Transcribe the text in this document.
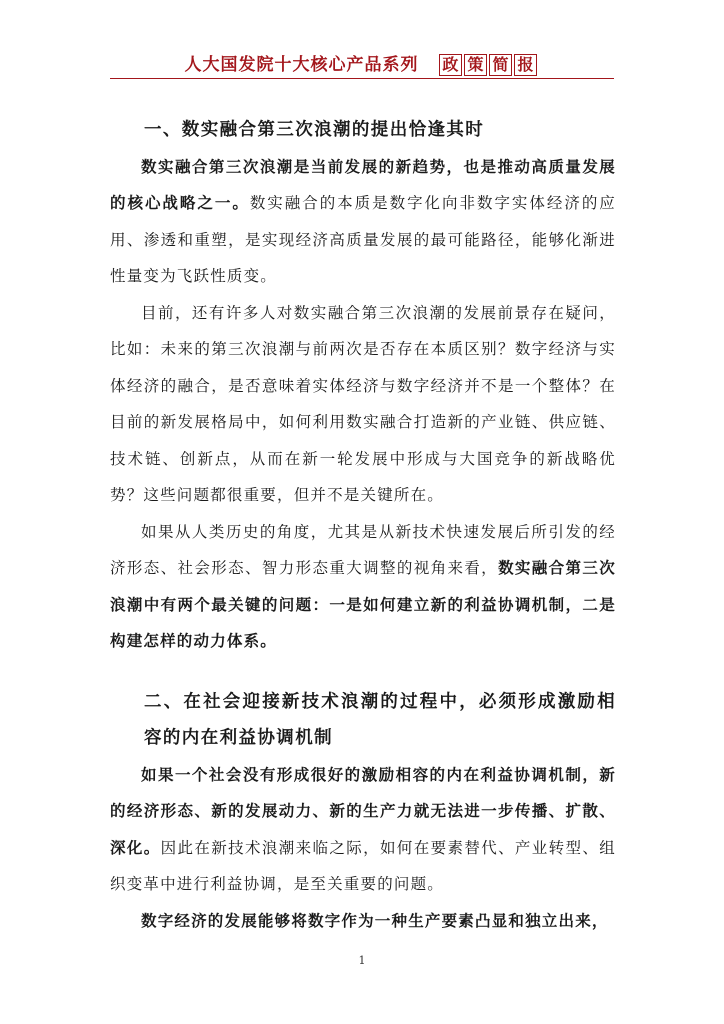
人大国发院十大核心产品系列 政 策 简 报

一、数实融合第三次浪潮的提出恰逢其时

数实融合第三次浪潮是当前发展的新趋势，也是推动高质量发展的核心战略之一。数实融合的本质是数字化向非数字实体经济的应用、渗透和重塑，是实现经济高质量发展的最可能路径，能够化渐进性量变为飞跃性质变。

目前，还有许多人对数实融合第三次浪潮的发展前景存在疑问，比如：未来的第三次浪潮与前两次是否存在本质区别？数字经济与实体经济的融合，是否意味着实体经济与数字经济并不是一个整体？在目前的新发展格局中，如何利用数实融合打造新的产业链、供应链、技术链、创新点，从而在新一轮发展中形成与大国竞争的新战略优势？这些问题都很重要，但并不是关键所在。

如果从人类历史的角度，尤其是从新技术快速发展后所引发的经济形态、社会形态、智力形态重大调整的视角来看，数实融合第三次浪潮中有两个最关键的问题：一是如何建立新的利益协调机制，二是构建怎样的动力体系。

二、在社会迎接新技术浪潮的过程中，必须形成激励相容的内在利益协调机制

如果一个社会没有形成很好的激励相容的内在利益协调机制，新的经济形态、新的发展动力、新的生产力就无法进一步传播、扩散、深化。因此在新技术浪潮来临之际，如何在要素替代、产业转型、组织变革中进行利益协调，是至关重要的问题。

数字经济的发展能够将数字作为一种生产要素凸显和独立出来，

1
